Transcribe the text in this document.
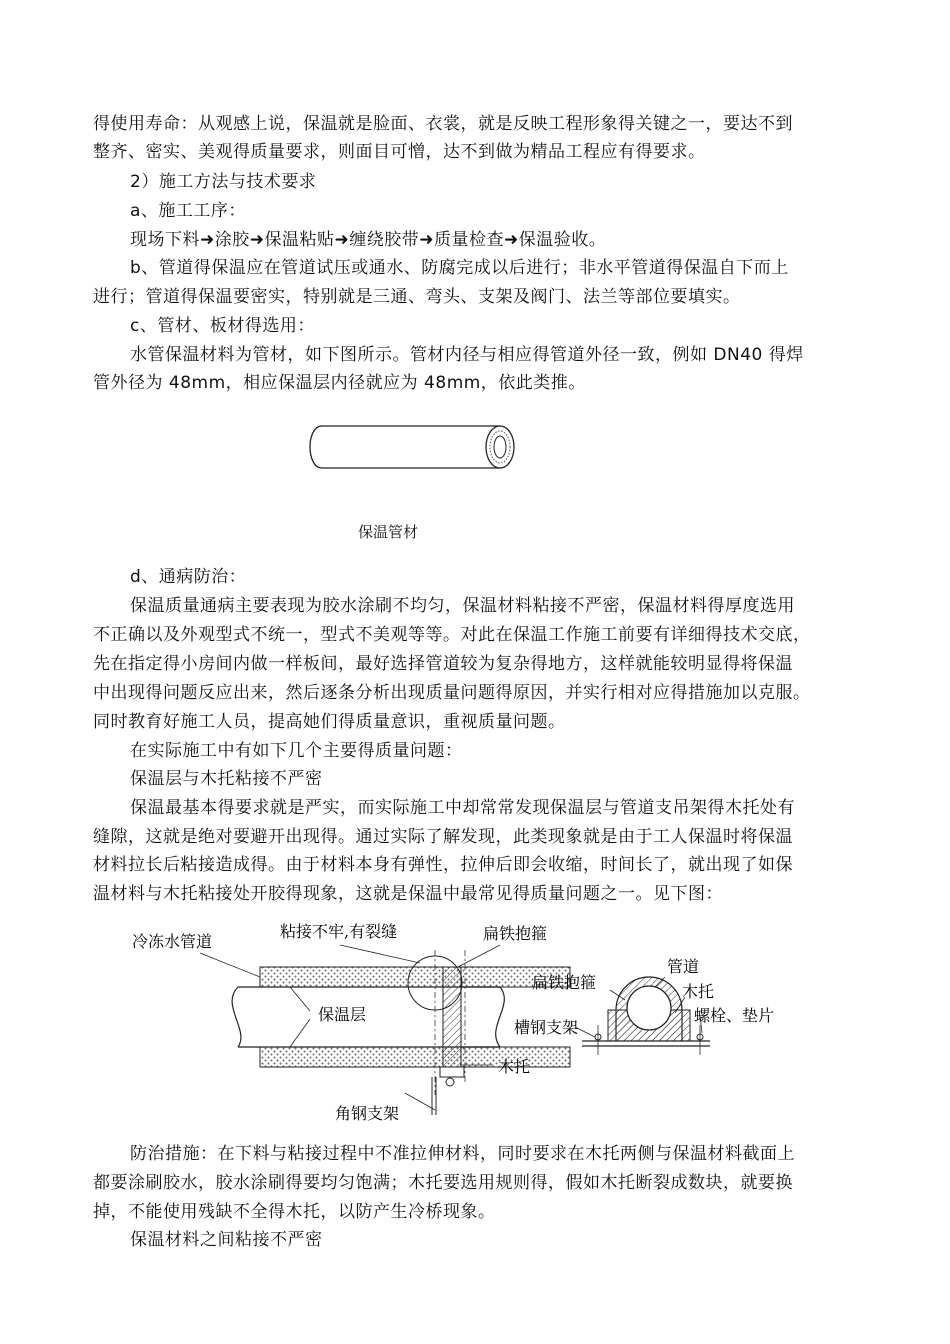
得使用寿命：从观感上说，保温就是脸面、衣裳，就是反映工程形象得关键之一，要达不到
整齐、密实、美观得质量要求，则面目可憎，达不到做为精品工程应有得要求。
2）施工方法与技术要求
a、施工工序：
现场下料➜涂胶➜保温粘贴➜缠绕胶带➜质量检查➜保温验收。
b、管道得保温应在管道试压或通水、防腐完成以后进行；非水平管道得保温自下而上
进行；管道得保温要密实，特别就是三通、弯头、支架及阀门、法兰等部位要填实。
c、管材、板材得选用：
水管保温材料为管材，如下图所示。管材内径与相应得管道外径一致，例如 DN40 得焊
管外径为 48mm，相应保温层内径就应为 48mm，依此类推。
保温管材
d、通病防治：
保温质量通病主要表现为胶水涂刷不均匀，保温材料粘接不严密，保温材料得厚度选用
不正确以及外观型式不统一，型式不美观等等。对此在保温工作施工前要有详细得技术交底，
先在指定得小房间内做一样板间，最好选择管道较为复杂得地方，这样就能较明显得将保温
中出现得问题反应出来，然后逐条分析出现质量问题得原因，并实行相对应得措施加以克服。
同时教育好施工人员，提高她们得质量意识，重视质量问题。
在实际施工中有如下几个主要得质量问题：
保温层与木托粘接不严密
保温最基本得要求就是严实，而实际施工中却常常发现保温层与管道支吊架得木托处有
缝隙，这就是绝对要避开出现得。通过实际了解发现，此类现象就是由于工人保温时将保温
材料拉长后粘接造成得。由于材料本身有弹性，拉伸后即会收缩，时间长了，就出现了如保
温材料与木托粘接处开胶得现象，这就是保温中最常见得质量问题之一。见下图：
冷冻水管道
粘接不牢,有裂缝	扁铁抱箍
保温层
管道
扁铁抱箍	木托
槽钢支架
螺栓、垫片
木托
角钢支架
防治措施：在下料与粘接过程中不准拉伸材料，同时要求在木托两侧与保温材料截面上
都要涂刷胶水，胶水涂刷得要均匀饱满；木托要选用规则得，假如木托断裂成数块，就要换
掉，不能使用残缺不全得木托，以防产生冷桥现象。
保温材料之间粘接不严密
